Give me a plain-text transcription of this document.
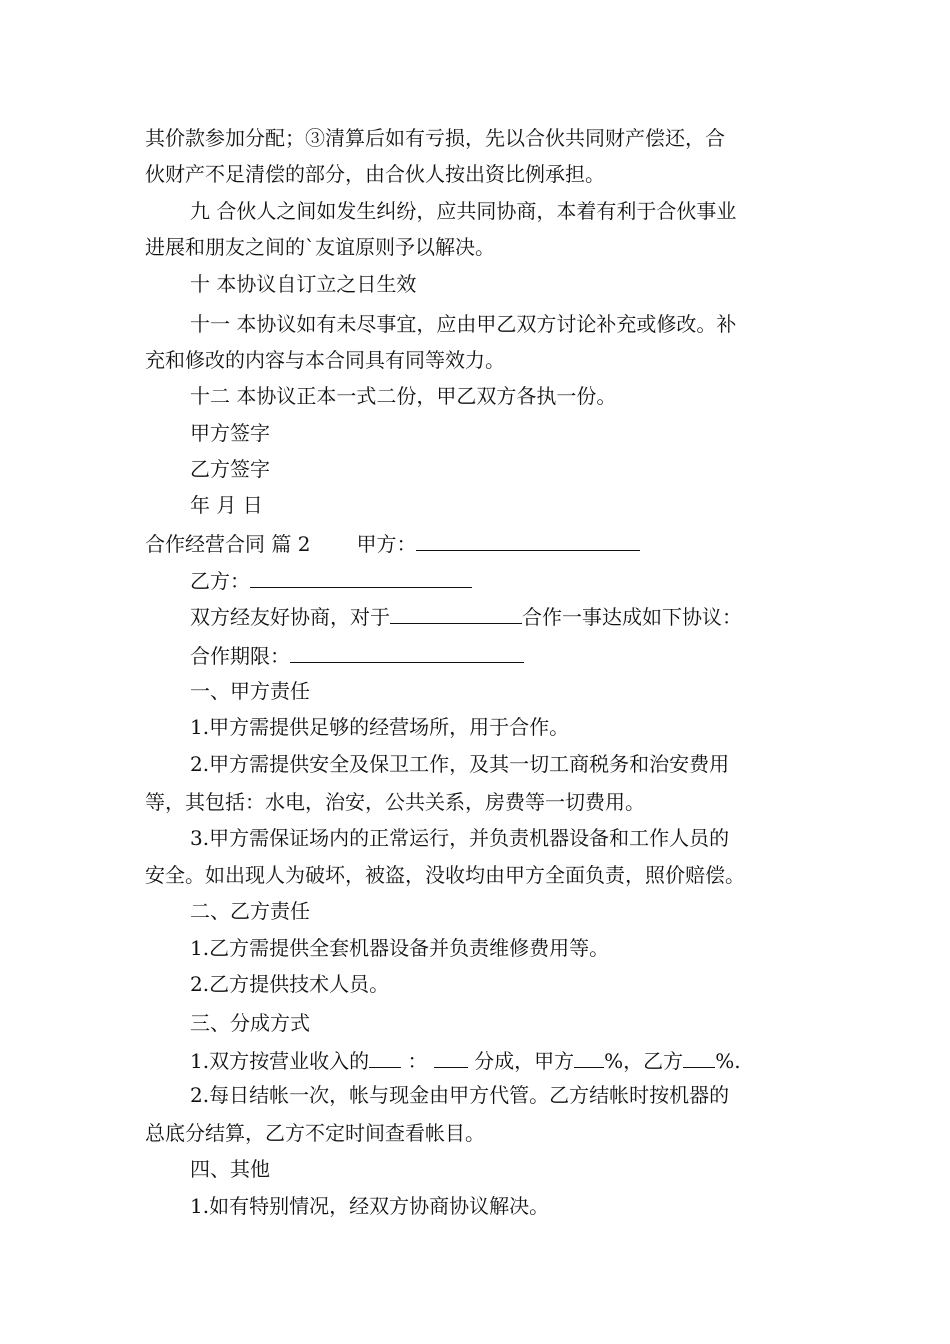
其价款参加分配；③清算后如有亏损，先以合伙共同财产偿还，合
伙财产不足清偿的部分，由合伙人按出资比例承担。
九 合伙人之间如发生纠纷，应共同协商，本着有利于合伙事业
进展和朋友之间的`友谊原则予以解决。
十 本协议自订立之日生效
十一 本协议如有未尽事宜，应由甲乙双方讨论补充或修改。补
充和修改的内容与本合同具有同等效力。
十二 本协议正本一式二份，甲乙双方各执一份。
甲方签字
乙方签字
年 月 日
合作经营合同 篇 2 甲方：
乙方：
双方经友好协商，对于	合作一事达成如下协议：
合作期限：
一、甲方责任
1.甲方需提供足够的经营场所，用于合作。
2.甲方需提供安全及保卫工作，及其一切工商税务和治安费用
等，其包括：水电，治安，公共关系，房费等一切费用。
3.甲方需保证场内的正常运行，并负责机器设备和工作人员的
安全。如出现人为破坏，被盗，没收均由甲方全面负责，照价赔偿。
二、乙方责任
1.乙方需提供全套机器设备并负责维修费用等。
2.乙方提供技术人员。
三、分成方式
1.双方按营业收入的 ：  分成，甲方 %，乙方 %.
2.每日结帐一次，帐与现金由甲方代管。乙方结帐时按机器的
总底分结算，乙方不定时间查看帐目。
四、其他
1.如有特别情况，经双方协商协议解决。
